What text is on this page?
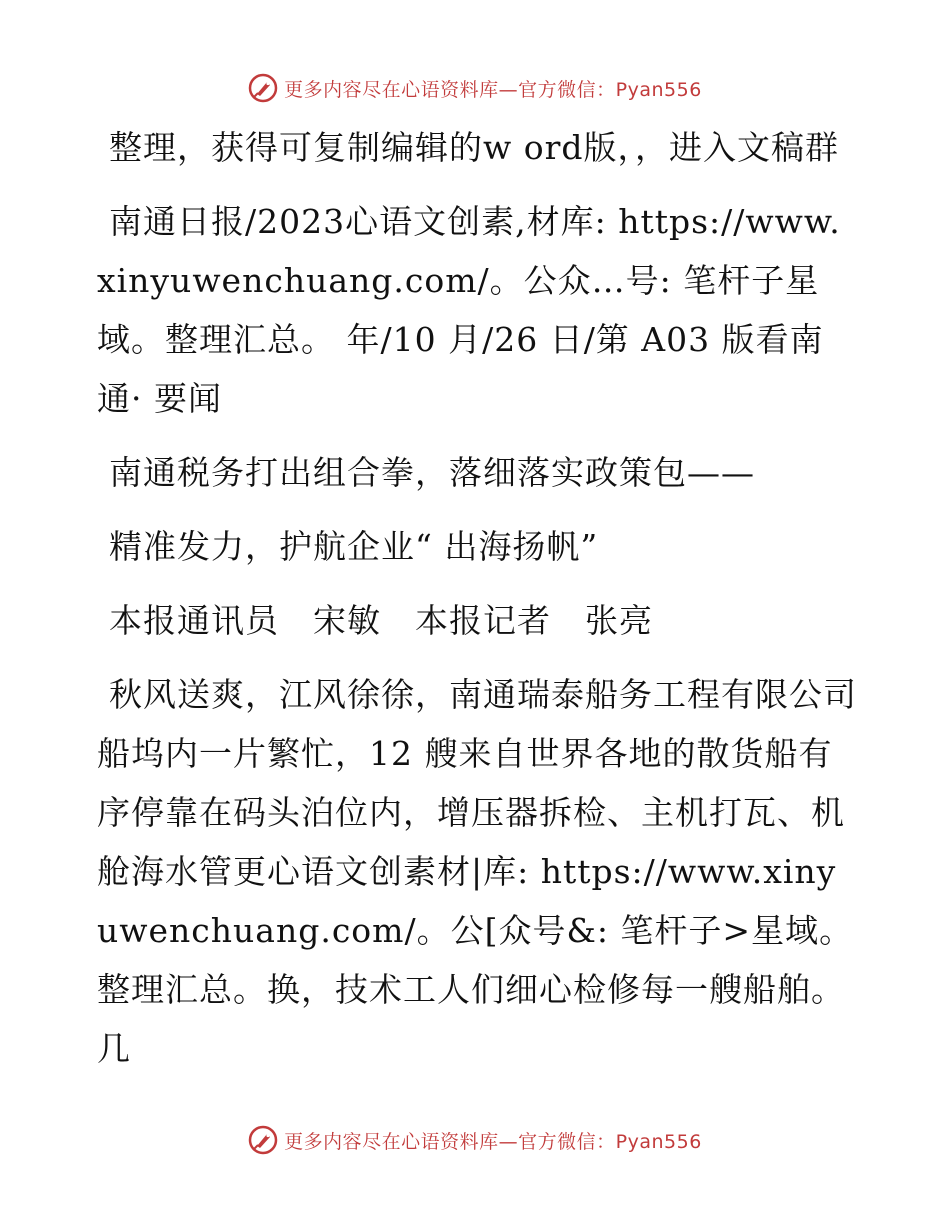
更多内容尽在心语资料库—官方微信：Pyan556

整理，获得可复制编辑的w ord版，，进入文稿群

南通日报/2023心语文创素,材库: https://www.xinyuwenchuang.com/。公众…号: 笔杆子星域。整理汇总。 年/10 月/26 日/第 A03 版看南通· 要闻

南通税务打出组合拳，落细落实政策包——

精准发力，护航企业“ 出海扬帆”

本报通讯员　宋敏　本报记者　张亮

秋风送爽，江风徐徐，南通瑞泰船务工程有限公司船坞内一片繁忙，12 艘来自世界各地的散货船有序停靠在码头泊位内，增压器拆检、主机打瓦、机舱海水管更心语文创素材|库: https://www.xinyuwenchuang.com/。公[众号&: 笔杆子>星域。整理汇总。换，技术工人们细心检修每一艘船舶。几

更多内容尽在心语资料库—官方微信：Pyan556
